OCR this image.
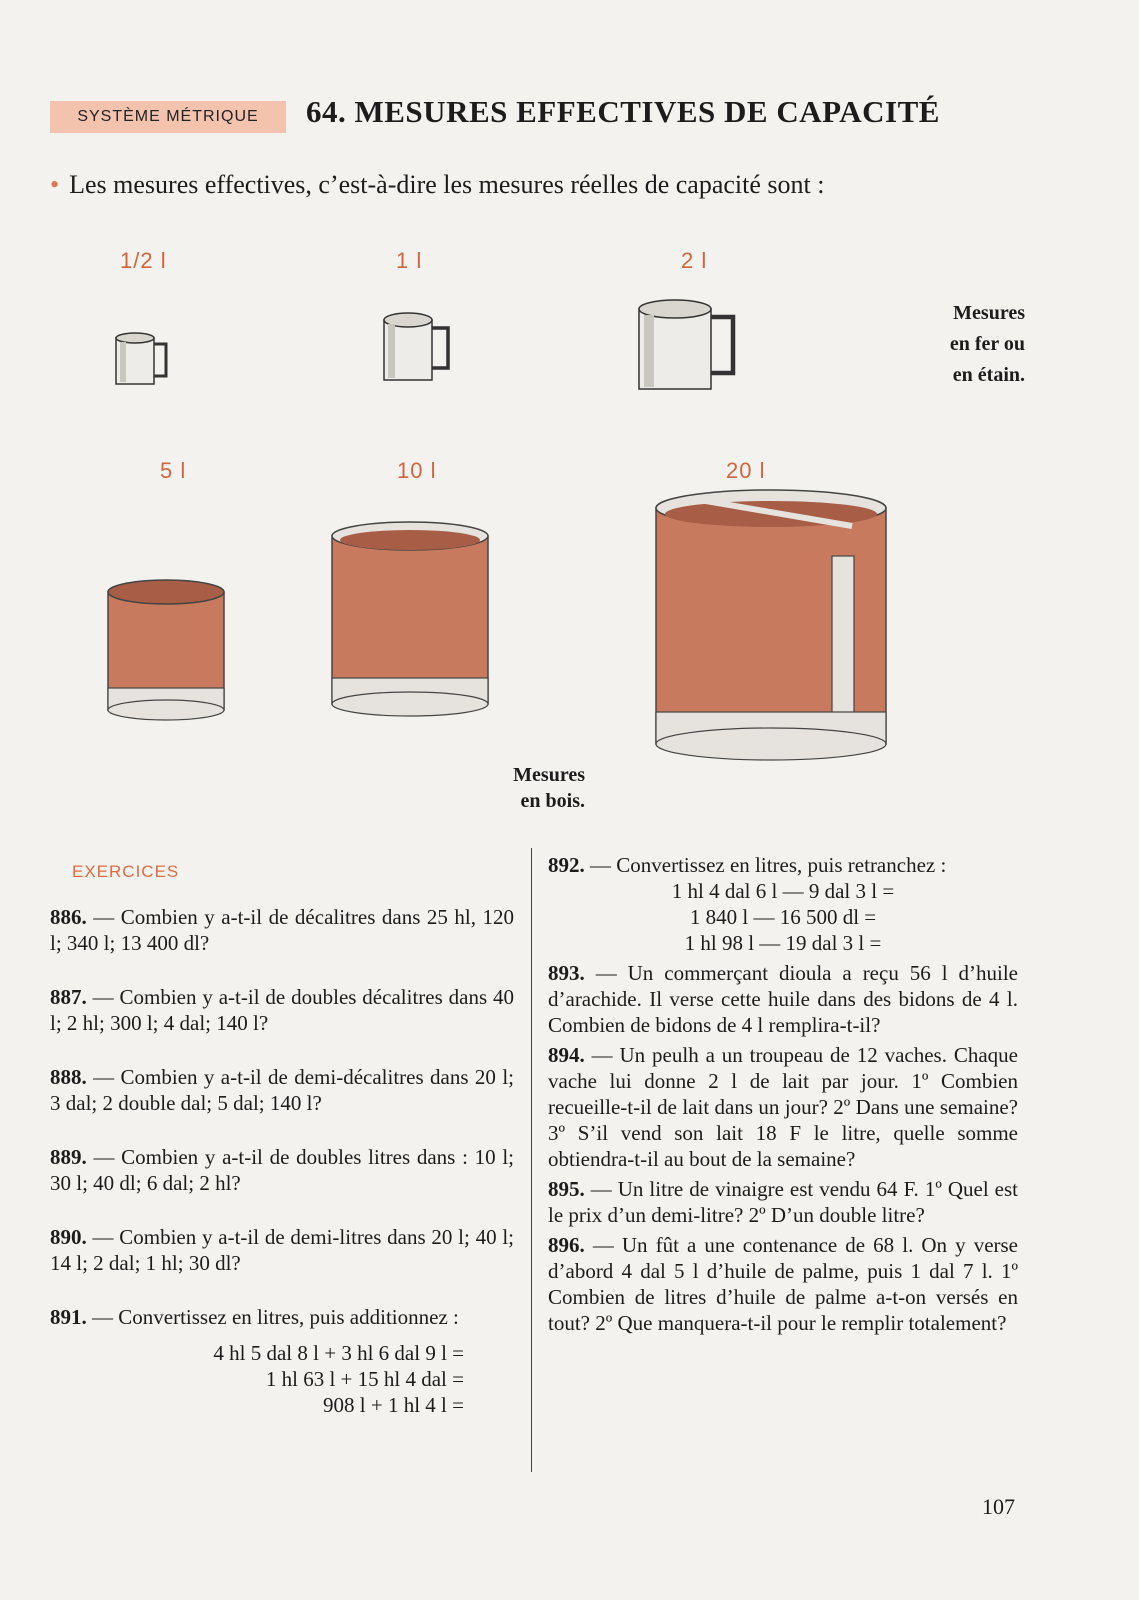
SYSTÈME MÉTRIQUE	64. MESURES EFFECTIVES DE CAPACITÉ
• Les mesures effectives, c’est-à-dire les mesures réelles de capacité sont :
1/2 l	1 l	2 l
Mesures
en fer ou
en étain.
5 l	10 l	20 l
Mesures
en bois.
EXERCICES
886. — Combien y a-t-il de décalitres dans 25 hl, 120 l; 340 l; 13 400 dl?
887. — Combien y a-t-il de doubles décalitres dans 40 l; 2 hl; 300 l; 4 dal; 140 l?
888. — Combien y a-t-il de demi-décalitres dans 20 l; 3 dal; 2 double dal; 5 dal; 140 l?
889. — Combien y a-t-il de doubles litres dans : 10 l; 30 l; 40 dl; 6 dal; 2 hl?
890. — Combien y a-t-il de demi-litres dans 20 l; 40 l; 14 l; 2 dal; 1 hl; 30 dl?
891. — Convertissez en litres, puis additionnez :
4 hl 5 dal 8 l + 3 hl 6 dal 9 l =
1 hl 63 l + 15 hl 4 dal =
908 l + 1 hl 4 l =
892. — Convertissez en litres, puis retranchez :
1 hl 4 dal 6 l — 9 dal 3 l =
1 840 l — 16 500 dl =
1 hl 98 l — 19 dal 3 l =
893. — Un commerçant dioula a reçu 56 l d’huile d’arachide. Il verse cette huile dans des bidons de 4 l. Combien de bidons de 4 l remplira-t-il?
894. — Un peulh a un troupeau de 12 vaches. Chaque vache lui donne 2 l de lait par jour. 1º Combien recueille-t-il de lait dans un jour? 2º Dans une semaine? 3º S’il vend son lait 18 F le litre, quelle somme obtiendra-t-il au bout de la semaine?
895. — Un litre de vinaigre est vendu 64 F. 1º Quel est le prix d’un demi-litre? 2º D’un double litre?
896. — Un fût a une contenance de 68 l. On y verse d’abord 4 dal 5 l d’huile de palme, puis 1 dal 7 l. 1º Combien de litres d’huile de palme a-t-on versés en tout? 2º Que manquera-t-il pour le remplir totalement?
107
